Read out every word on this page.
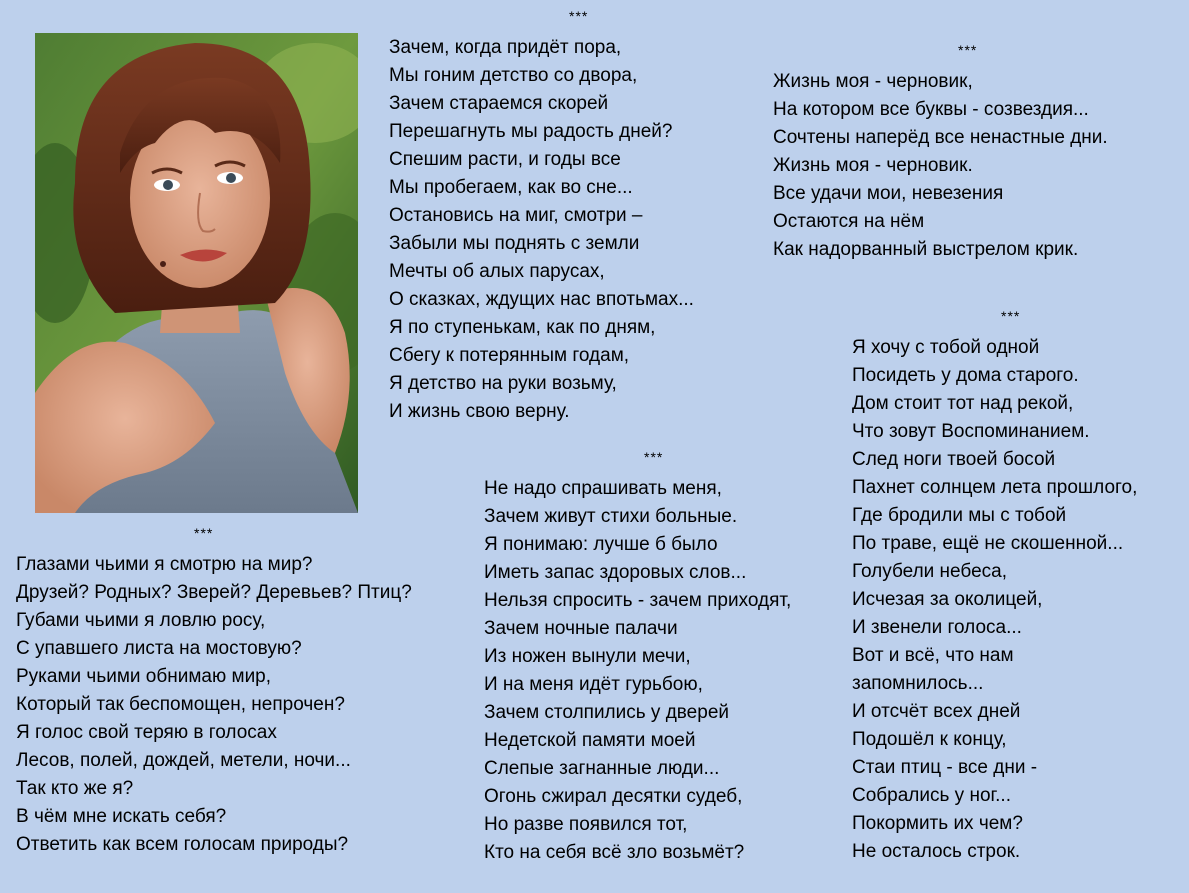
***
Зачем, когда придёт пора,
Мы гоним детство со двора,
Зачем стараемся скорей
Перешагнуть мы радость дней?
Спешим расти, и годы все
Мы пробегаем, как во сне...
Остановись на миг, смотри –
Забыли мы поднять с земли
Мечты об алых парусах,
О сказках, ждущих нас впотьмах...
Я по ступенькам, как по дням,
Сбегу к потерянным годам,
Я детство на руки возьму,
И жизнь свою верну.
***
Жизнь моя - черновик,
На котором все буквы - созвездия...
Сочтены наперёд все ненастные дни.
Жизнь моя - черновик.
Все удачи мои, невезения
Остаются на нём
Как надорванный выстрелом крик.
***
Я хочу с тобой одной
Посидеть у дома старого.
Дом стоит тот над рекой,
Что зовут Воспоминанием.
След ноги твоей босой
Пахнет солнцем лета прошлого,
Где бродили мы с тобой
По траве, ещё не скошенной...
Голубели небеса,
Исчезая за околицей,
И звенели голоса...
Вот и всё, что нам
запомнилось...
И отсчёт всех дней
Подошёл к концу,
Стаи птиц - все дни -
Собрались у ног...
Покормить их чем?
Не осталось строк.
***
Не надо спрашивать меня,
Зачем живут стихи больные.
Я понимаю: лучше б было
Иметь запас здоровых слов...
Нельзя спросить - зачем приходят,
Зачем ночные палачи
Из ножен вынули мечи,
И на меня идёт гурьбою,
Зачем столпились у дверей
Недетской памяти моей
Слепые загнанные люди...
Огонь сжирал десятки судеб,
Но разве появился тот,
Кто на себя всё зло возьмёт?
***
Глазами чьими я смотрю на мир?
Друзей? Родных? Зверей? Деревьев? Птиц?
Губами чьими я ловлю росу,
С упавшего листа на мостовую?
Руками чьими обнимаю мир,
Который так беспомощен, непрочен?
Я голос свой теряю в голосах
Лесов, полей, дождей, метели, ночи...
Так кто же я?
В чём мне искать себя?
Ответить как всем голосам природы?
